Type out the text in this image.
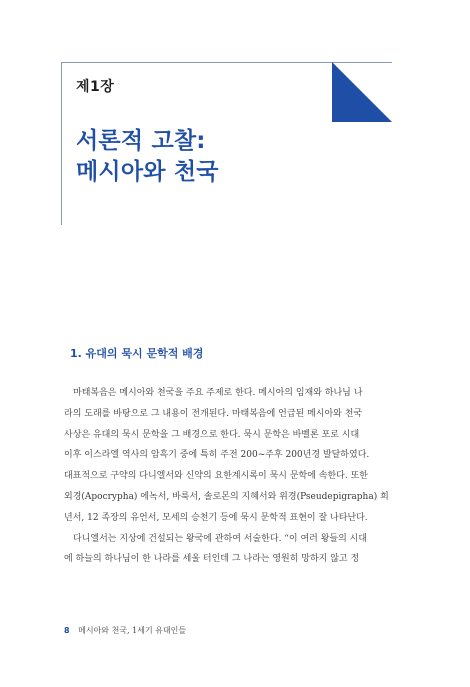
제1장
서론적 고찰:
메시아와 천국
1. 유대의 묵시 문학적 배경
마태복음은 메시아와 천국을 주요 주제로 한다. 메시아의 임재와 하나님 나
라의 도래를 바탕으로 그 내용이 전개된다. 마태복음에 언급된 메시아와 천국
사상은 유대의 묵시 문학을 그 배경으로 한다. 묵시 문학은 바벨론 포로 시대
이후 이스라엘 역사의 암흑기 중에 특히 주전 200~주후 200년경 발달하였다.
대표적으로 구약의 다니엘서와 신약의 요한계시록이 묵시 문학에 속한다. 또한
외경(Apocrypha) 에녹서, 바룩서, 솔로몬의 지혜서와 위경(Pseudepigrapha) 희
년서, 12 족장의 유언서, 모세의 승천기 등에 묵시 문학적 표현이 잘 나타난다.
다니엘서는 지상에 건설되는 왕국에 관하여 서술한다. “이 여러 왕들의 시대
에 하늘의 하나님이 한 나라를 세울 터인데 그 나라는 영원히 망하지 않고 정
8 메시아와 천국, 1세기 유대인들
